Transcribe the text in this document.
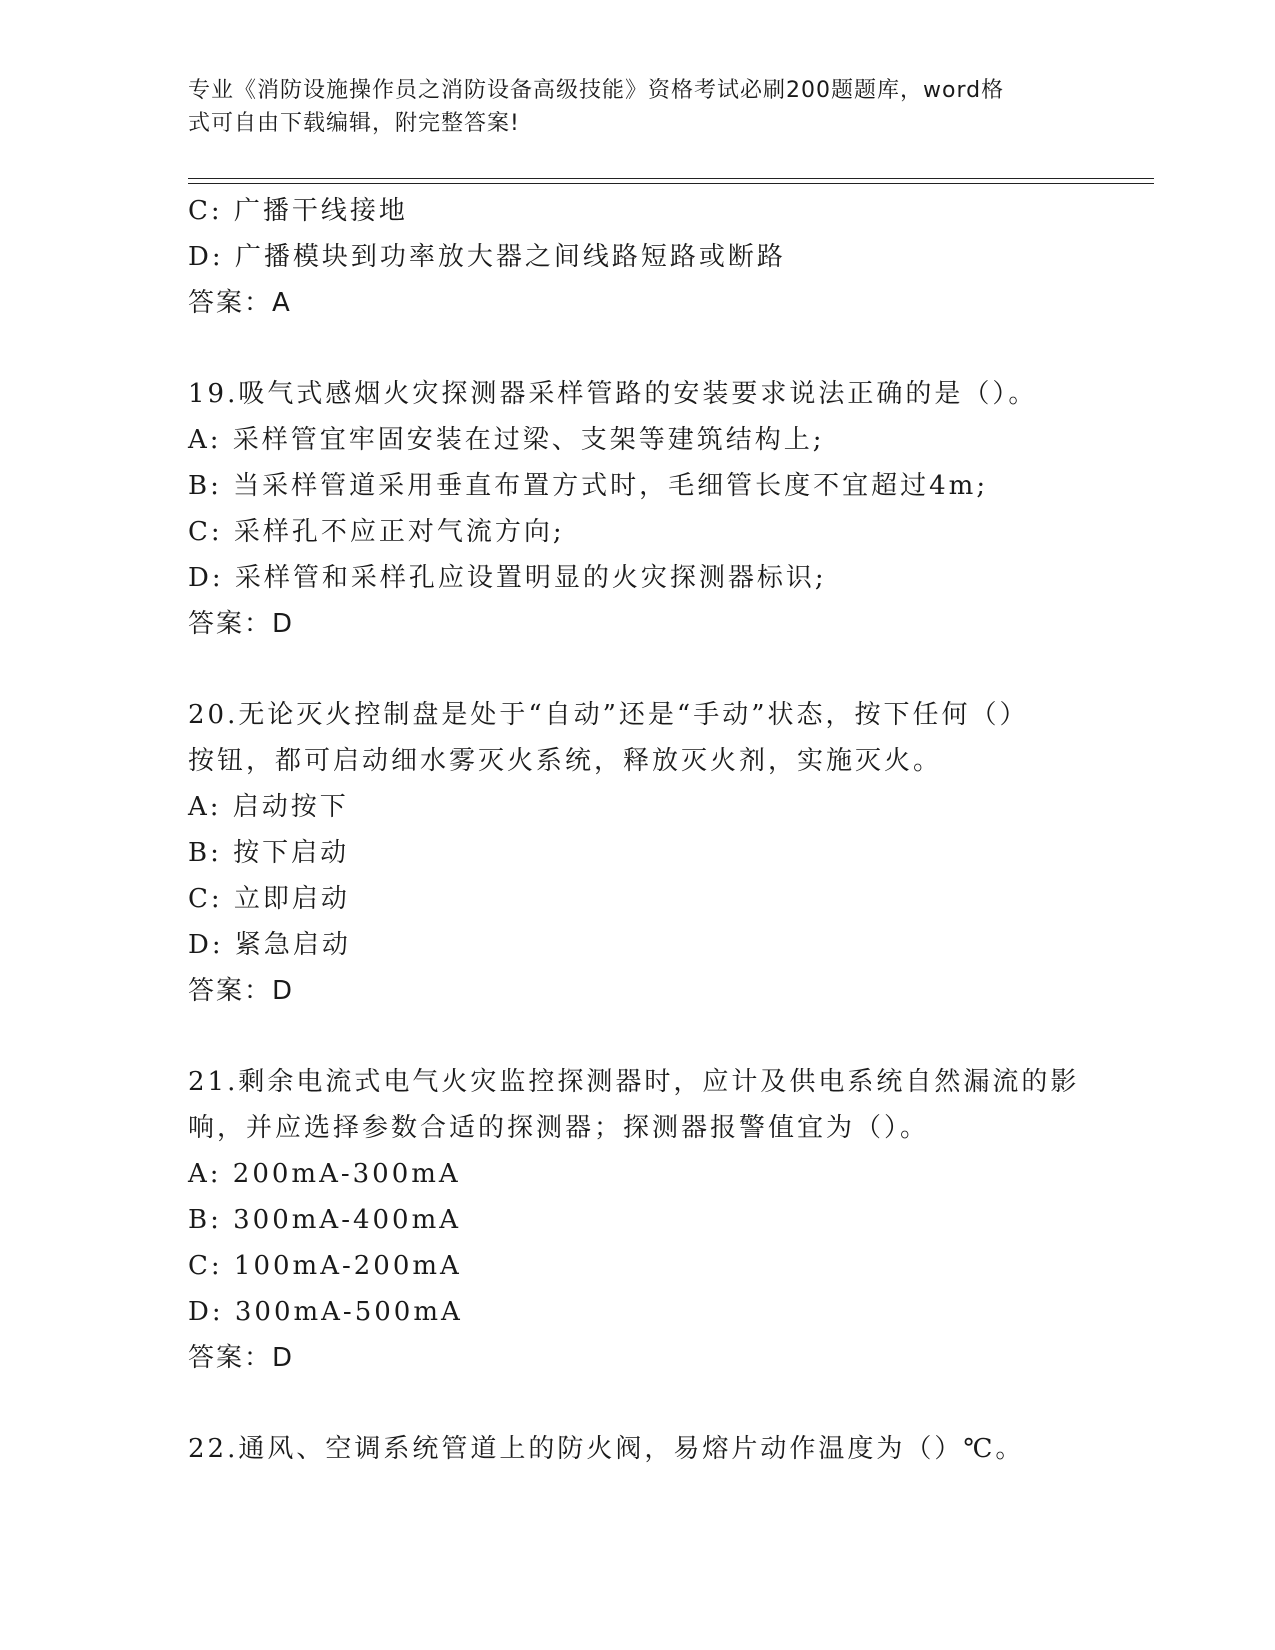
专业《消防设施操作员之消防设备高级技能》资格考试必刷200题题库，word格
式可自由下载编辑，附完整答案!
C: 广播干线接地
D: 广播模块到功率放大器之间线路短路或断路
答案：A
19.吸气式感烟火灾探测器采样管路的安装要求说法正确的是（）。
A: 采样管宜牢固安装在过梁、支架等建筑结构上;
B: 当采样管道采用垂直布置方式时，毛细管长度不宜超过4m;
C: 采样孔不应正对气流方向;
D: 采样管和采样孔应设置明显的火灾探测器标识;
答案：D
20.无论灭火控制盘是处于“自动”还是“手动”状态，按下任何（）
按钮，都可启动细水雾灭火系统，释放灭火剂，实施灭火。
A: 启动按下
B: 按下启动
C: 立即启动
D: 紧急启动
答案：D
21.剩余电流式电气火灾监控探测器时，应计及供电系统自然漏流的影
响，并应选择参数合适的探测器；探测器报警值宜为（）。
A: 200mA-300mA
B: 300mA-400mA
C: 100mA-200mA
D: 300mA-500mA
答案：D
22.通风、空调系统管道上的防火阀，易熔片动作温度为（）℃。
